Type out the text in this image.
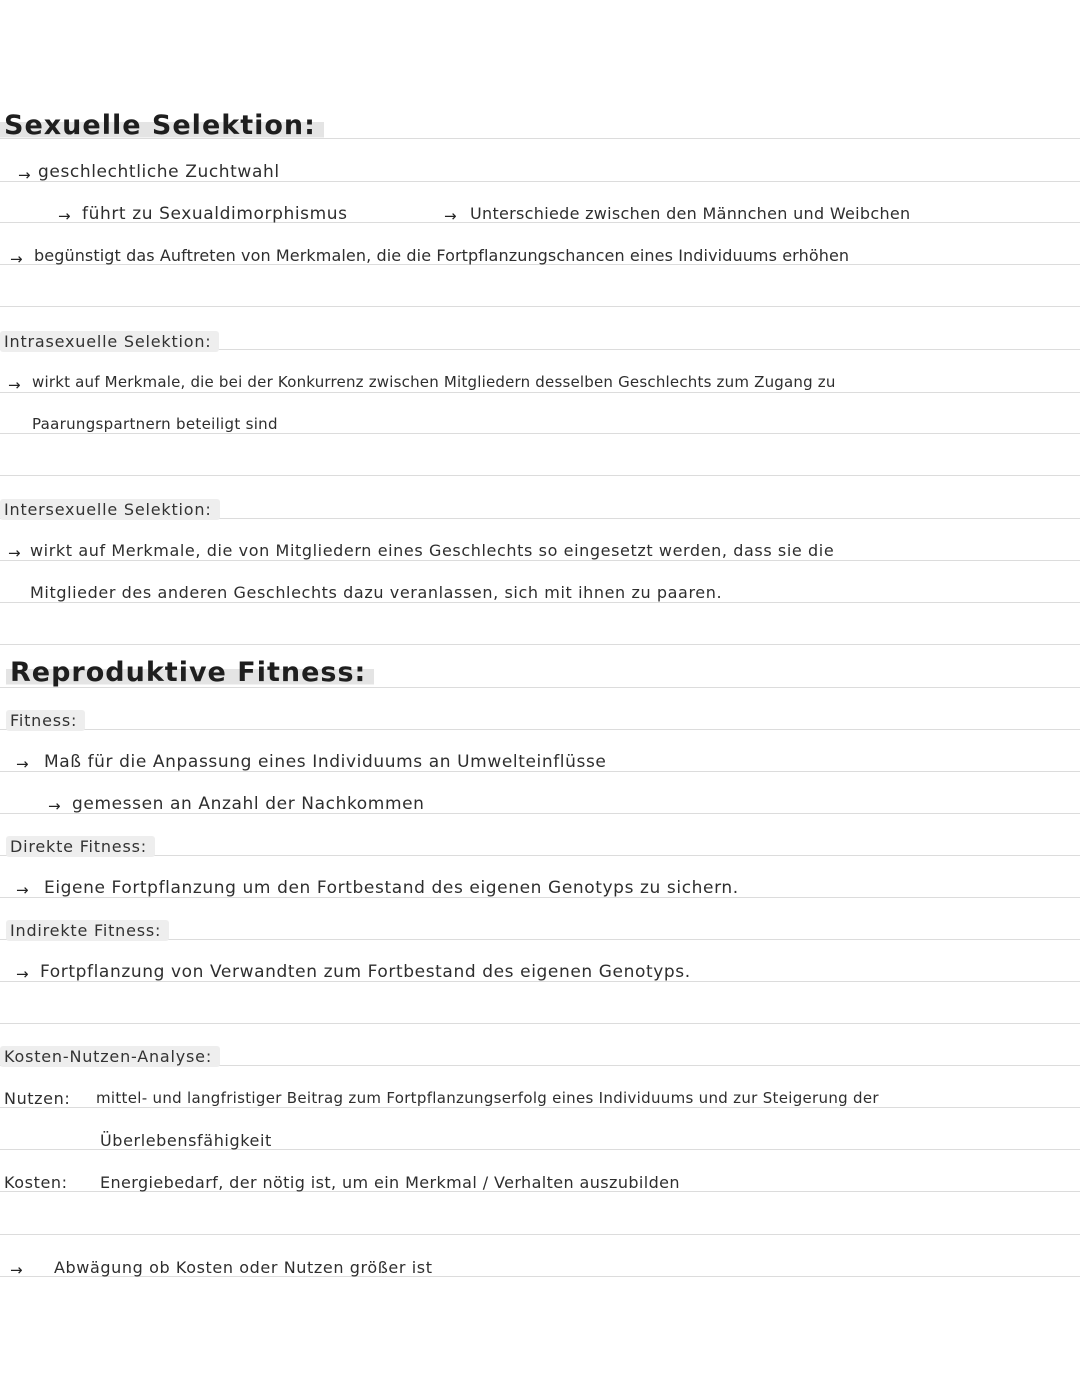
Sexuelle Selektion:
→ geschlechtliche Zuchtwahl
→ führt zu Sexualdimorphismus	→ Unterschiede zwischen den Männchen und Weibchen
→ begünstigt das Auftreten von Merkmalen, die die Fortpflanzungschancen eines Individuums erhöhen
Intrasexuelle Selektion:
→ wirkt auf Merkmale, die bei der Konkurrenz zwischen Mitgliedern desselben Geschlechts zum Zugang zu
Paarungspartnern beteiligt sind
Intersexuelle Selektion:
→ wirkt auf Merkmale, die von Mitgliedern eines Geschlechts so eingesetzt werden, dass sie die
Mitglieder des anderen Geschlechts dazu veranlassen, sich mit ihnen zu paaren.
Reproduktive Fitness:
Fitness:
→ Maß für die Anpassung eines Individuums an Umwelteinflüsse
→ gemessen an Anzahl der Nachkommen
Direkte Fitness:
→ Eigene Fortpflanzung um den Fortbestand des eigenen Genotyps zu sichern.
Indirekte Fitness:
→ Fortpflanzung von Verwandten zum Fortbestand des eigenen Genotyps.
Kosten-Nutzen-Analyse:
Nutzen: mittel- und langfristiger Beitrag zum Fortpflanzungserfolg eines Individuums und zur Steigerung der
Überlebensfähigkeit
Kosten: Energiebedarf, der nötig ist, um ein Merkmal / Verhalten auszubilden
→ Abwägung ob Kosten oder Nutzen größer ist
